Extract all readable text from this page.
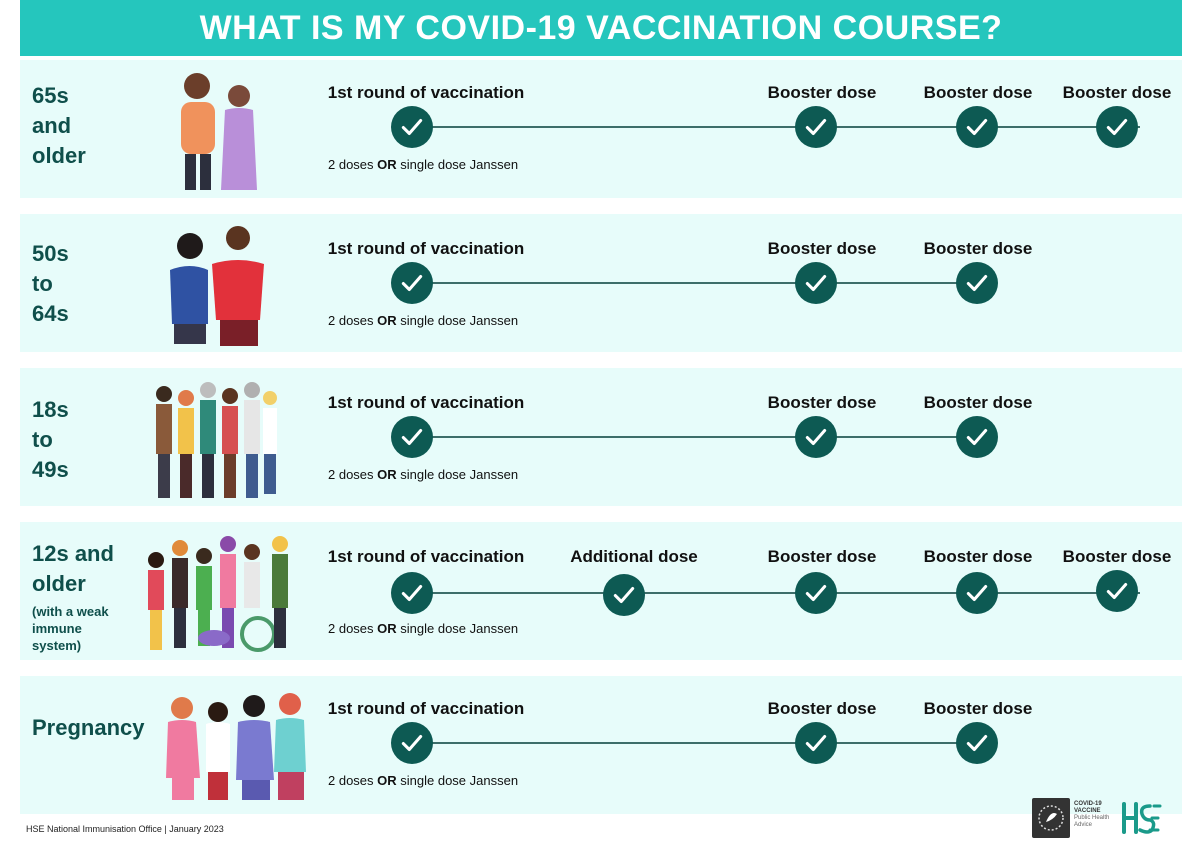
WHAT IS MY COVID-19 VACCINATION COURSE?
65s
and
older
1st round of vaccination	Booster dose	Booster dose Booster dose
2 doses OR single dose Janssen
50s
to
64s
1st round of vaccination	Booster dose	Booster dose
2 doses OR single dose Janssen
18s
to
49s
1st round of vaccination	Booster dose	Booster dose
2 doses OR single dose Janssen
12s and
older
(with a weak immune system)
1st round of vaccination	Additional dose	Booster dose	Booster dose Booster dose
2 doses OR single dose Janssen
Pregnancy
1st round of vaccination	Booster dose	Booster dose
2 doses OR single dose Janssen
HSE National Immunisation Office | January 2023
COVID-19 VACCINE
Public Health Advice
